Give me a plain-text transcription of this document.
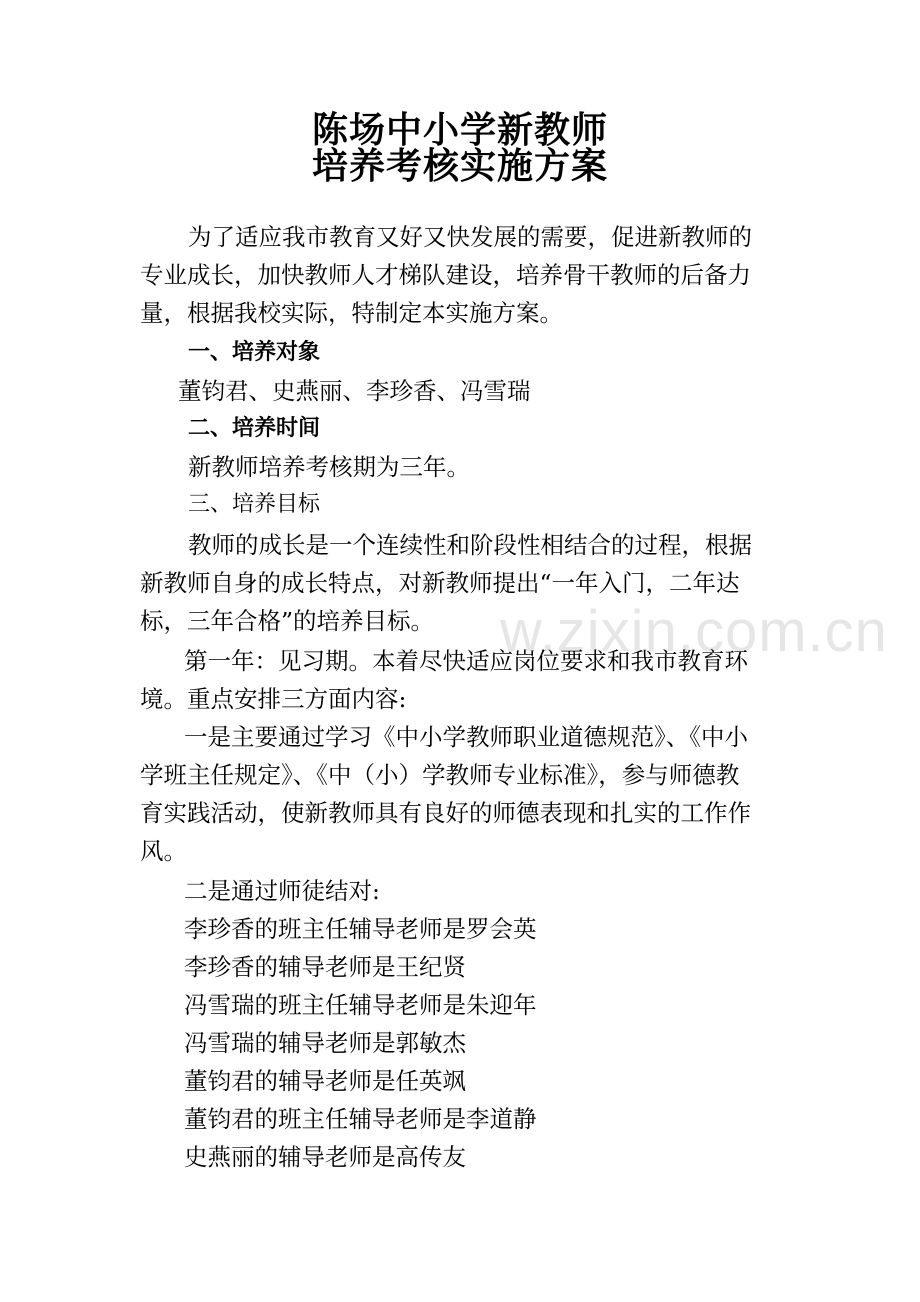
w.zixin.com.cn
陈场中小学新教师
培养考核实施方案

为了适应我市教育又好又快发展的需要，促进新教师的

专业成长，加快教师人才梯队建设，培养骨干教师的后备力

量，根据我校实际，特制定本实施方案。

一、培养对象

董钧君、史燕丽、李珍香、冯雪瑞

二、培养时间

新教师培养考核期为三年。

三、培养目标

教师的成长是一个连续性和阶段性相结合的过程，根据

新教师自身的成长特点，对新教师提出“一年入门，二年达

标，三年合格”的培养目标。

第一年：见习期。本着尽快适应岗位要求和我市教育环

境。重点安排三方面内容:

一是主要通过学习《中小学教师职业道德规范》、《中小

学班主任规定》、《中（小）学教师专业标准》，参与师德教

育实践活动，使新教师具有良好的师德表现和扎实的工作作

风。

二是通过师徒结对:

李珍香的班主任辅导老师是罗会英

李珍香的辅导老师是王纪贤

冯雪瑞的班主任辅导老师是朱迎年

冯雪瑞的辅导老师是郭敏杰

董钧君的辅导老师是任英飒

董钧君的班主任辅导老师是李道静

史燕丽的辅导老师是高传友
